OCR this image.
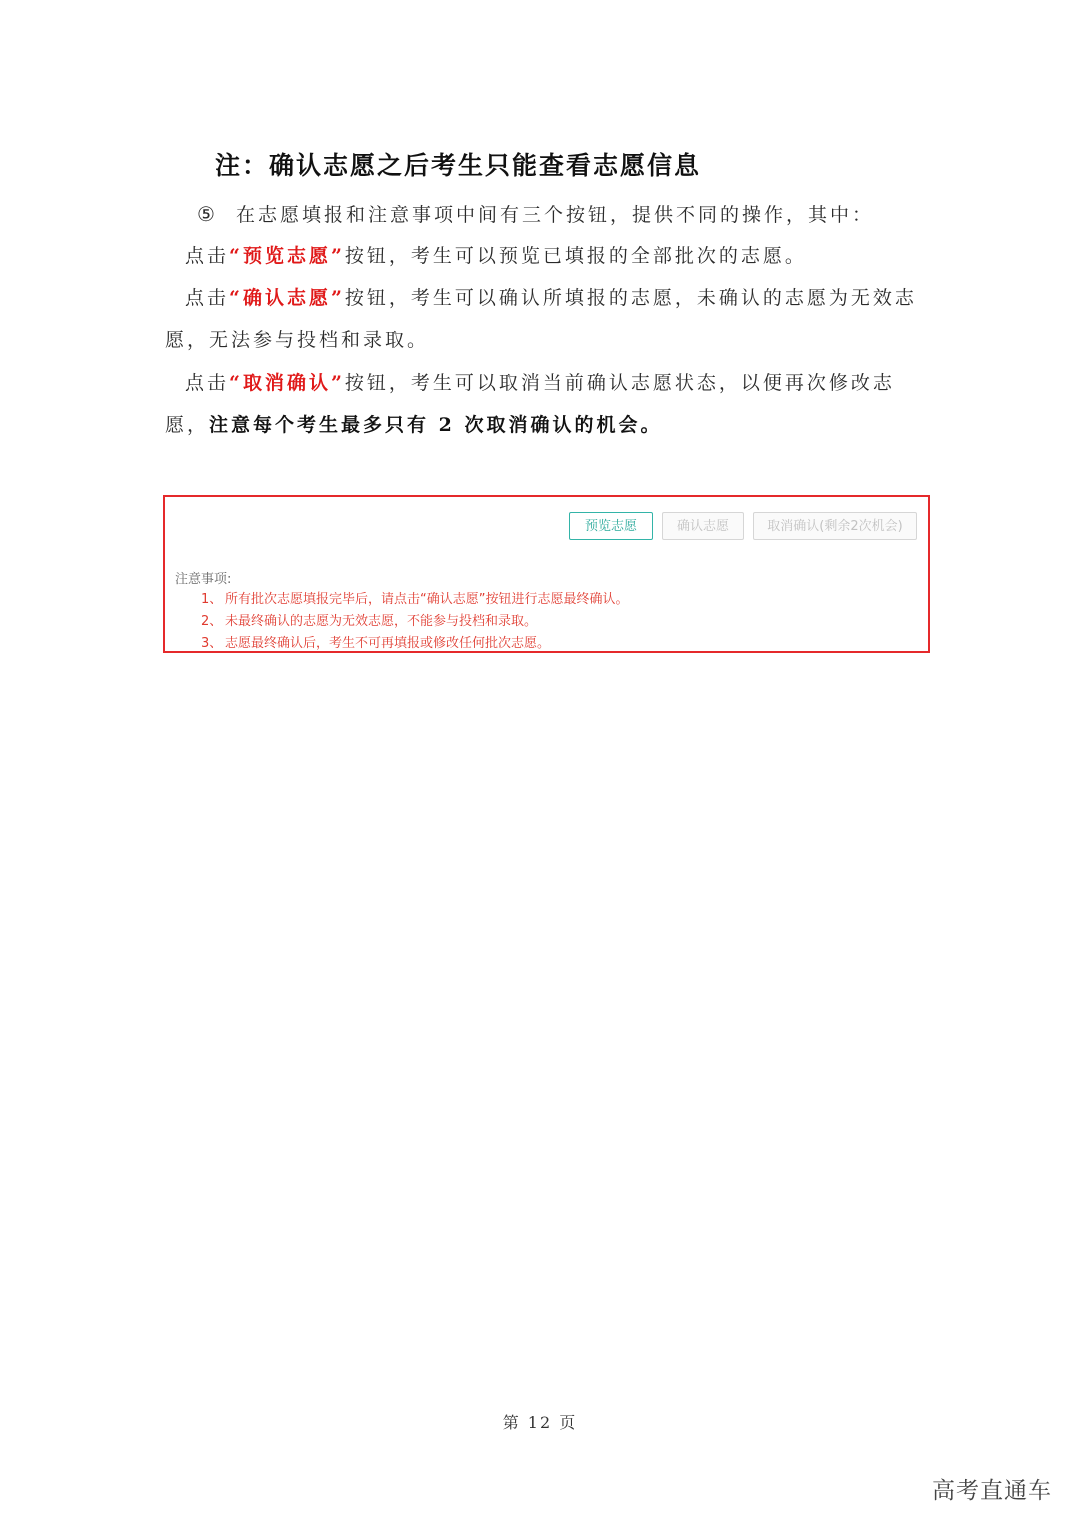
注：确认志愿之后考生只能查看志愿信息
⑤ 在志愿填报和注意事项中间有三个按钮，提供不同的操作，其中：
点击“预览志愿”按钮，考生可以预览已填报的全部批次的志愿。
点击“确认志愿”按钮，考生可以确认所填报的志愿，未确认的志愿为无效志愿，无法参与投档和录取。
点击“取消确认”按钮，考生可以取消当前确认志愿状态，以便再次修改志愿，注意每个考生最多只有 2 次取消确认的机会。
预览志愿	确认志愿	取消确认(剩余2次机会)
注意事项:
1、 所有批次志愿填报完毕后，请点击“确认志愿”按钮进行志愿最终确认。
2、 未最终确认的志愿为无效志愿，不能参与投档和录取。
3、 志愿最终确认后，考生不可再填报或修改任何批次志愿。
第 12 页
高考直通车
